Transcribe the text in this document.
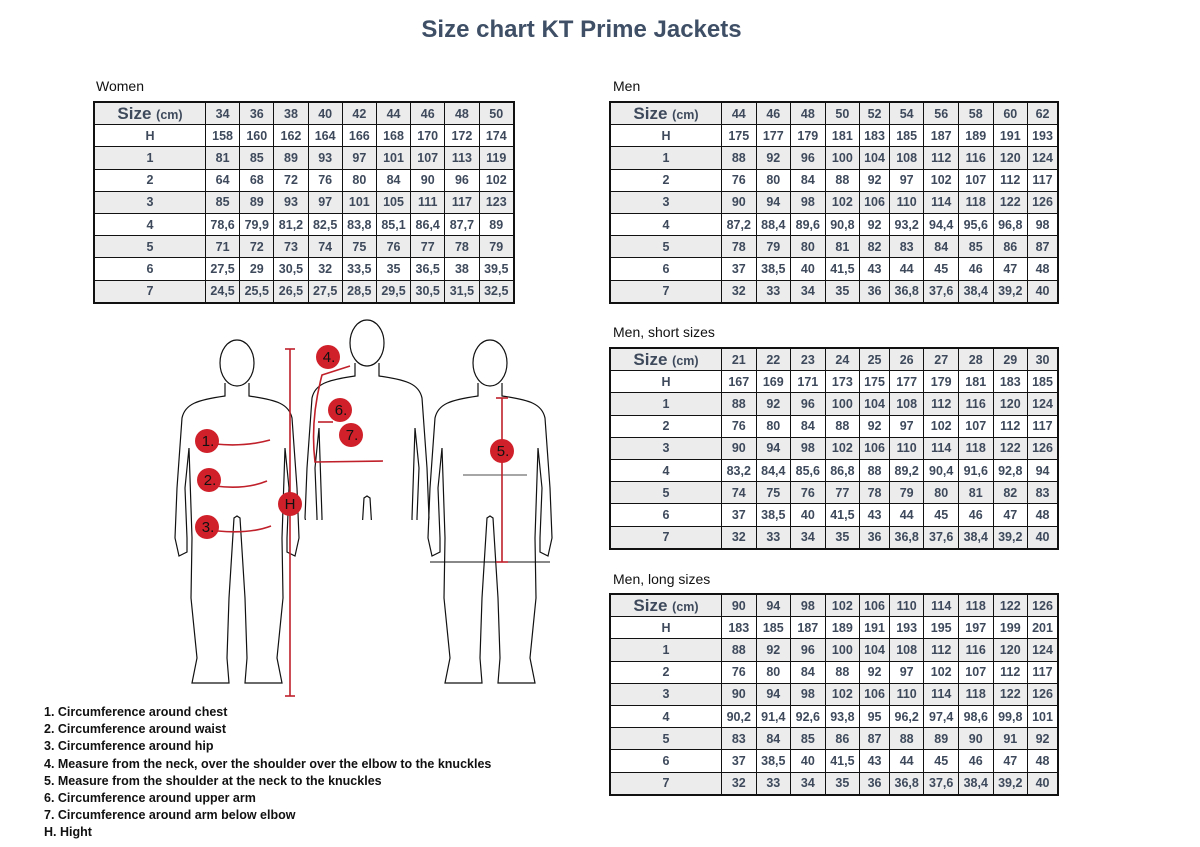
Size chart KT Prime Jackets
Women
Size (cm)	34	36	38	40	42	44	46	48	50
H	158	160	162	164	166	168	170	172	174
1	81	85	89	93	97	101	107	113	119
2	64	68	72	76	80	84	90	96	102
3	85	89	93	97	101	105	111	117	123
4	78,6	79,9	81,2	82,5	83,8	85,1	86,4	87,7	89
5	71	72	73	74	75	76	77	78	79
6	27,5	29	30,5	32	33,5	35	36,5	38	39,5
7	24,5	25,5	26,5	27,5	28,5	29,5	30,5	31,5	32,5
Men
Size (cm)	44	46	48	50	52	54	56	58	60	62
H	175	177	179	181	183	185	187	189	191	193
1	88	92	96	100	104	108	112	116	120	124
2	76	80	84	88	92	97	102	107	112	117
3	90	94	98	102	106	110	114	118	122	126
4	87,2	88,4	89,6	90,8	92	93,2	94,4	95,6	96,8	98
5	78	79	80	81	82	83	84	85	86	87
6	37	38,5	40	41,5	43	44	45	46	47	48
7	32	33	34	35	36	36,8	37,6	38,4	39,2	40
Men, short sizes
Size (cm)	21	22	23	24	25	26	27	28	29	30
H	167	169	171	173	175	177	179	181	183	185
1	88	92	96	100	104	108	112	116	120	124
2	76	80	84	88	92	97	102	107	112	117
3	90	94	98	102	106	110	114	118	122	126
4	83,2	84,4	85,6	86,8	88	89,2	90,4	91,6	92,8	94
5	74	75	76	77	78	79	80	81	82	83
6	37	38,5	40	41,5	43	44	45	46	47	48
7	32	33	34	35	36	36,8	37,6	38,4	39,2	40
Men, long sizes
Size (cm)	90	94	98	102	106	110	114	118	122	126
H	183	185	187	189	191	193	195	197	199	201
1	88	92	96	100	104	108	112	116	120	124
2	76	80	84	88	92	97	102	107	112	117
3	90	94	98	102	106	110	114	118	122	126
4	90,2	91,4	92,6	93,8	95	96,2	97,4	98,6	99,8	101
5	83	84	85	86	87	88	89	90	91	92
6	37	38,5	40	41,5	43	44	45	46	47	48
7	32	33	34	35	36	36,8	37,6	38,4	39,2	40
1.
2.
3.
H
4.
6.
7.
5.
1. Circumference around chest
2. Circumference around waist
3. Circumference around hip
4. Measure from the neck, over the shoulder over the elbow to the knuckles
5. Measure from the shoulder at the neck to the knuckles
6. Circumference around upper arm
7. Circumference around arm below elbow
H. Hight
